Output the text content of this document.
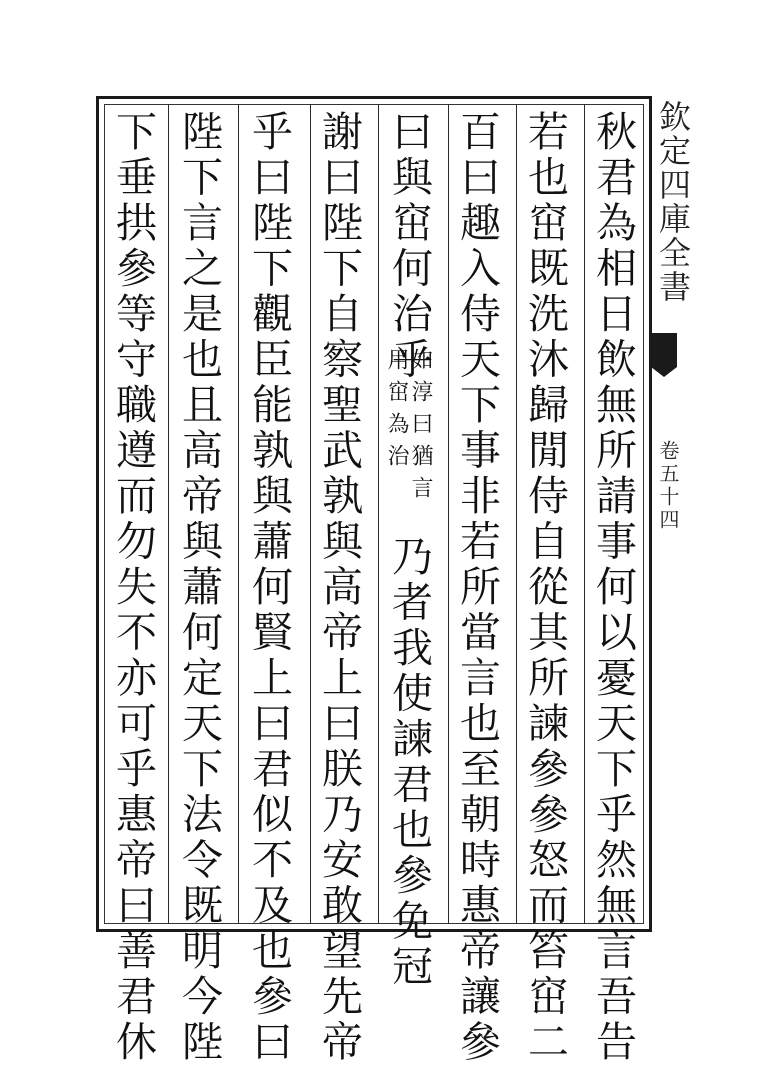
欽定四庫全書
卷五十四
秋君為相日飲無所請事何以憂天下乎然無言吾告
若也窋既洗沐歸閒侍自從其所諫參參怒而笞窋二
百曰趣入侍天下事非若所當言也至朝時惠帝讓參
曰與窋何治乎
如淳曰猶言
用窋為治
乃者我使諫君也參免冠
謝曰陛下自察聖武孰與高帝上曰朕乃安敢望先帝
乎曰陛下觀臣能孰與蕭何賢上曰君似不及也參曰
陛下言之是也且高帝與蕭何定天下法令既明今陛
下垂拱參等守職遵而勿失不亦可乎惠帝曰善君休
